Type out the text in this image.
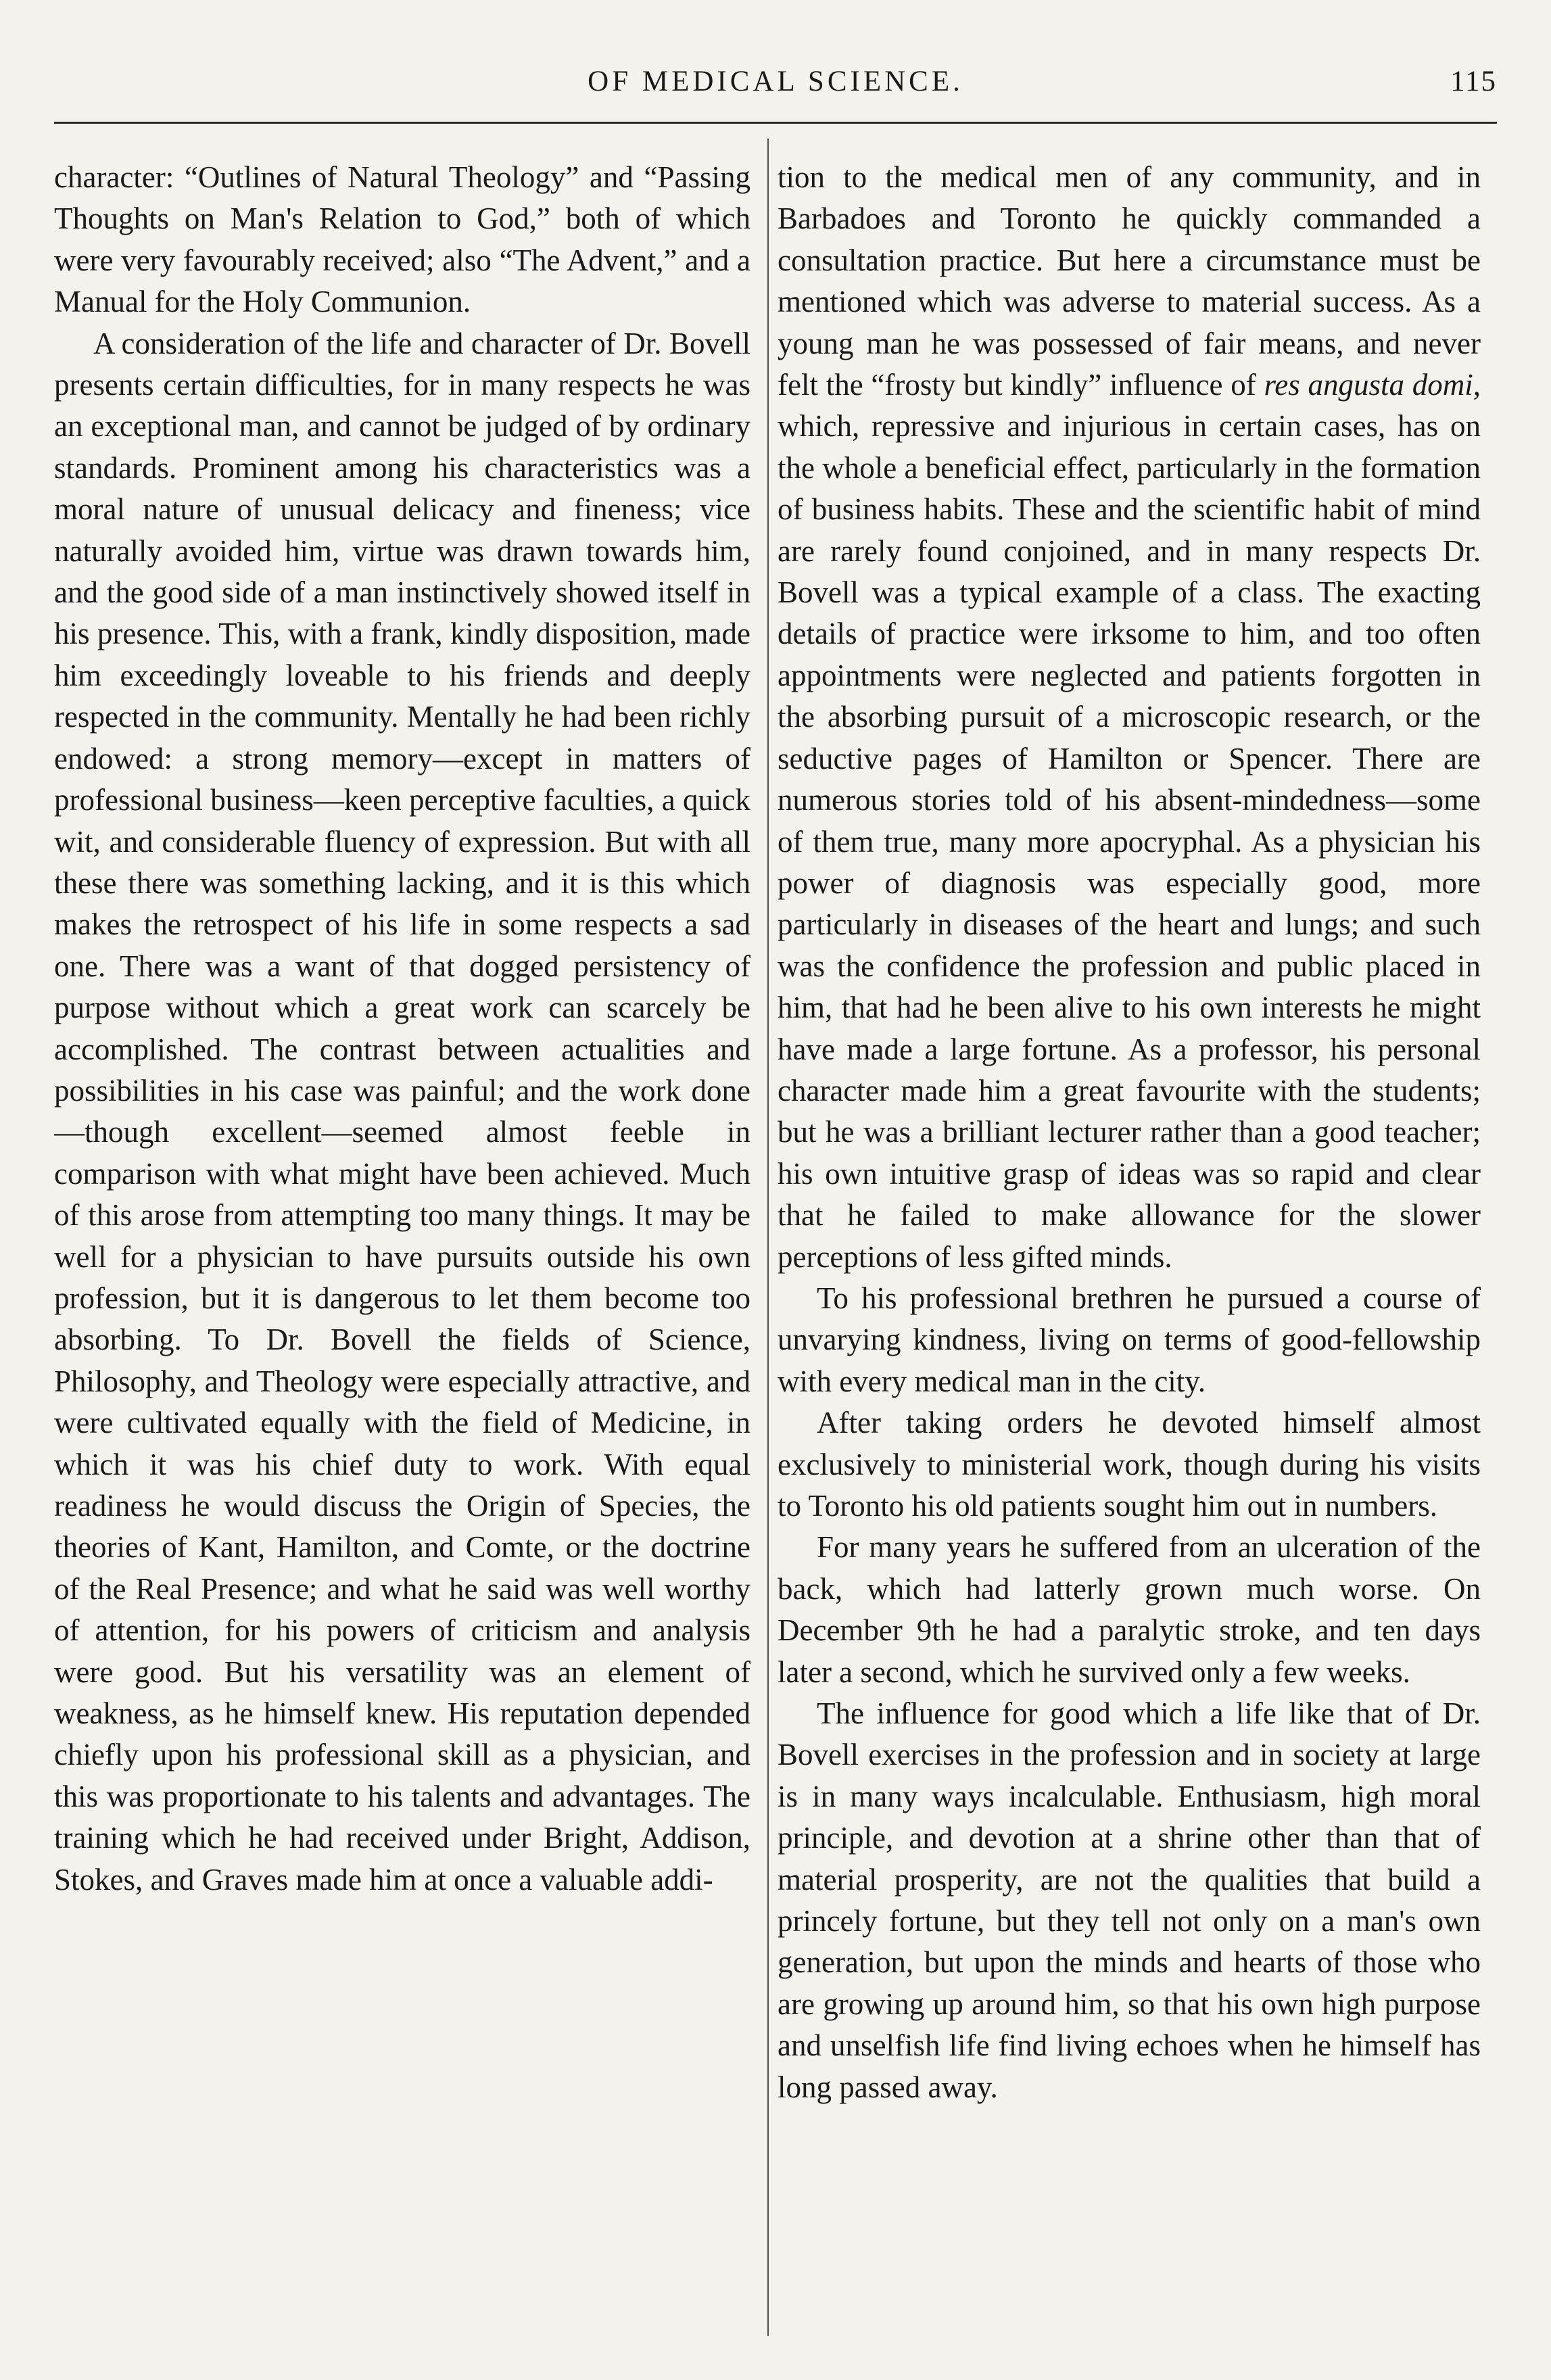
OF MEDICAL SCIENCE.	115

character: “Outlines of Natural Theology” and “Passing Thoughts on Man's Relation to God,” both of which were very favourably received; also “The Advent,” and a Manual for the Holy Communion.

A consideration of the life and character of Dr. Bovell presents certain difficulties, for in many respects he was an exceptional man, and cannot be judged of by ordinary standards. Prominent among his characteristics was a moral nature of unusual delicacy and fineness; vice naturally avoided him, virtue was drawn towards him, and the good side of a man instinctively showed itself in his presence. This, with a frank, kindly disposition, made him exceedingly loveable to his friends and deeply respected in the community. Mentally he had been richly endowed: a strong memory—except in matters of professional business—keen perceptive faculties, a quick wit, and considerable fluency of expression. But with all these there was something lacking, and it is this which makes the retrospect of his life in some respects a sad one. There was a want of that dogged persistency of purpose without which a great work can scarcely be accomplished. The contrast between actualities and possibilities in his case was painful; and the work done—though excellent—seemed almost feeble in comparison with what might have been achieved. Much of this arose from attempting too many things. It may be well for a physician to have pursuits outside his own profession, but it is dangerous to let them become too absorbing. To Dr. Bovell the fields of Science, Philosophy, and Theology were especially attractive, and were cultivated equally with the field of Medicine, in which it was his chief duty to work. With equal readiness he would discuss the Origin of Species, the theories of Kant, Hamilton, and Comte, or the doctrine of the Real Presence; and what he said was well worthy of attention, for his powers of criticism and analysis were good. But his versatility was an element of weakness, as he himself knew. His reputation depended chiefly upon his professional skill as a physician, and this was proportionate to his talents and advantages. The training which he had received under Bright, Addison, Stokes, and Graves made him at once a valuable addi-

tion to the medical men of any community, and in Barbadoes and Toronto he quickly commanded a consultation practice. But here a circumstance must be mentioned which was adverse to material success. As a young man he was possessed of fair means, and never felt the “frosty but kindly” influence of res angusta domi, which, repressive and injurious in certain cases, has on the whole a beneficial effect, particularly in the formation of business habits. These and the scientific habit of mind are rarely found conjoined, and in many respects Dr. Bovell was a typical example of a class. The exacting details of practice were irksome to him, and too often appointments were neglected and patients forgotten in the absorbing pursuit of a microscopic research, or the seductive pages of Hamilton or Spencer. There are numerous stories told of his absent-mindedness—some of them true, many more apocryphal. As a physician his power of diagnosis was especially good, more particularly in diseases of the heart and lungs; and such was the confidence the profession and public placed in him, that had he been alive to his own interests he might have made a large fortune. As a professor, his personal character made him a great favourite with the students; but he was a brilliant lecturer rather than a good teacher; his own intuitive grasp of ideas was so rapid and clear that he failed to make allowance for the slower perceptions of less gifted minds.

To his professional brethren he pursued a course of unvarying kindness, living on terms of good-fellowship with every medical man in the city.

After taking orders he devoted himself almost exclusively to ministerial work, though during his visits to Toronto his old patients sought him out in numbers.

For many years he suffered from an ulceration of the back, which had latterly grown much worse. On December 9th he had a paralytic stroke, and ten days later a second, which he survived only a few weeks.

The influence for good which a life like that of Dr. Bovell exercises in the profession and in society at large is in many ways incalculable. Enthusiasm, high moral principle, and devotion at a shrine other than that of material prosperity, are not the qualities that build a princely fortune, but they tell not only on a man's own generation, but upon the minds and hearts of those who are growing up around him, so that his own high purpose and unselfish life find living echoes when he himself has long passed away.
